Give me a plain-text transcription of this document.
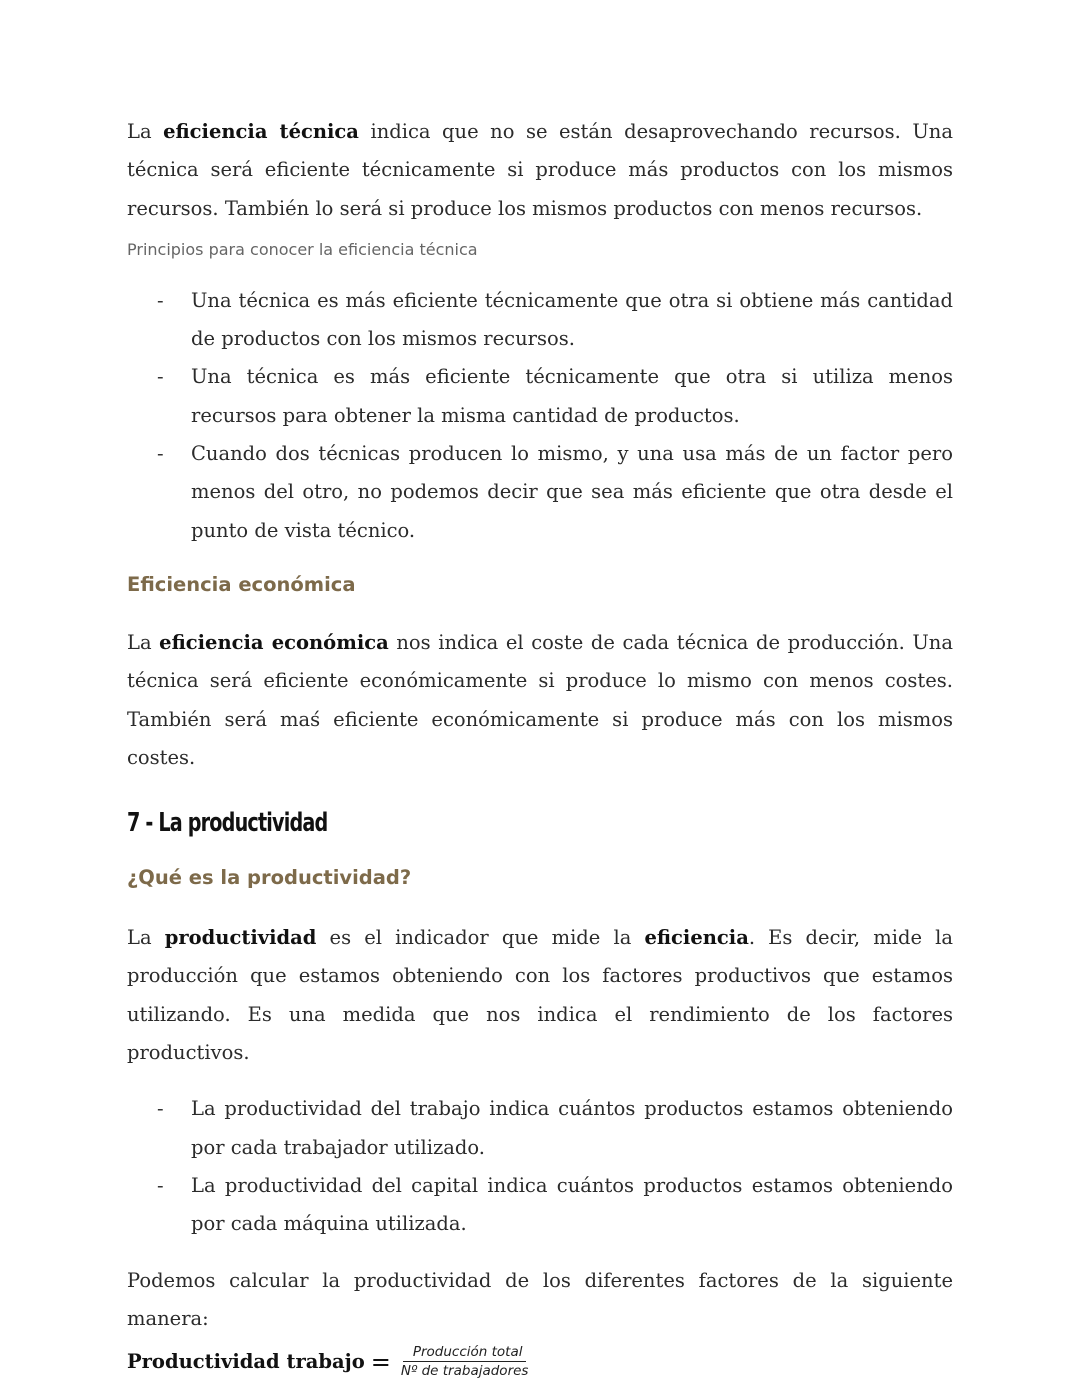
La eficiencia técnica indica que no se están desaprovechando recursos. Una técnica será eficiente técnicamente si produce más productos con los mismos recursos. También lo será si produce los mismos productos con menos recursos.

Principios para conocer la eficiencia técnica
- Una técnica es más eficiente técnicamente que otra si obtiene más cantidad de productos con los mismos recursos.
- Una técnica es más eficiente técnicamente que otra si utiliza menos recursos para obtener la misma cantidad de productos.
- Cuando dos técnicas producen lo mismo, y una usa más de un factor pero menos del otro, no podemos decir que sea más eficiente que otra desde el punto de vista técnico.
Eficiencia económica

La eficiencia económica nos indica el coste de cada técnica de producción. Una técnica será eficiente económicamente si produce lo mismo con menos costes. También será maś eficiente económicamente si produce más con los mismos costes.

7 - La productividad
¿Qué es la productividad?

La productividad es el indicador que mide la eficiencia. Es decir, mide la producción que estamos obteniendo con los factores productivos que estamos utilizando. Es una medida que nos indica el rendimiento de los factores productivos.

- La productividad del trabajo indica cuántos productos estamos obteniendo por cada trabajador utilizado.
- La productividad del capital indica cuántos productos estamos obteniendo por cada máquina utilizada.

Podemos calcular la productividad de los diferentes factores de la siguiente manera:

Productividad trabajo = $\frac{\text{Producción total}}{\text{Nº de trabajadores}}$
